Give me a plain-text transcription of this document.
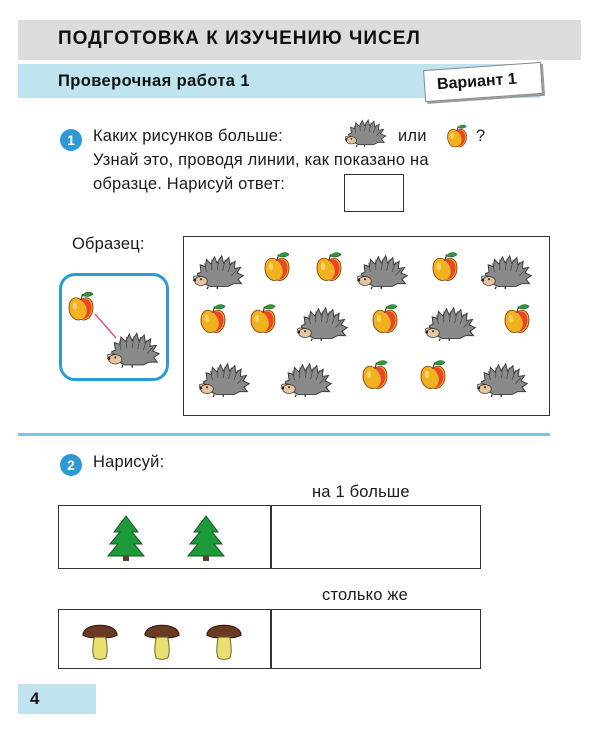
ПОДГОТОВКА К ИЗУЧЕНИЮ ЧИСЕЛ
Проверочная работа 1	Вариант 1
1	Каких рисунков больше:	или	?
Узнай это, проводя линии, как показано на
образце. Нарисуй ответ:
Образец:
2	Нарисуй:
на 1 больше
столько же
4
